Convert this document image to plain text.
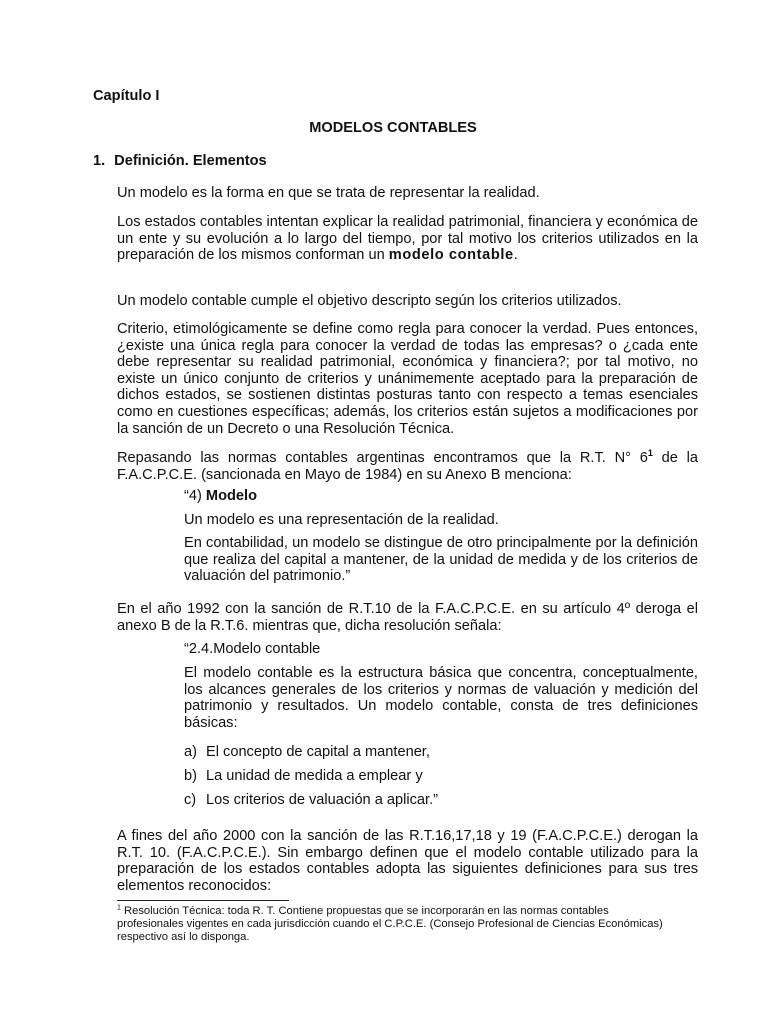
Capítulo I

MODELOS CONTABLES

1. Definición. Elementos

Un modelo es la forma en que se trata de representar la realidad.

Los estados contables intentan explicar la realidad patrimonial, financiera y económica de un ente y su evolución a lo largo del tiempo, por tal motivo los criterios utilizados en la preparación de los mismos conforman un modelo contable.

Un modelo contable cumple el objetivo descripto según los criterios utilizados.

Criterio, etimológicamente se define como regla para conocer la verdad. Pues entonces, ¿existe una única regla para conocer la verdad de todas las empresas? o ¿cada ente debe representar su realidad patrimonial, económica y financiera?; por tal motivo, no existe un único conjunto de criterios y unánimemente aceptado para la preparación de dichos estados, se sostienen distintas posturas tanto con respecto a temas esenciales como en cuestiones específicas; además, los criterios están sujetos a modificaciones por la sanción de un Decreto o una Resolución Técnica.

Repasando las normas contables argentinas encontramos que la R.T. N° $6^1$ de la F.A.C.P.C.E. (sancionada en Mayo de 1984) en su Anexo B menciona:

“4) Modelo

Un modelo es una representación de la realidad.

En contabilidad, un modelo se distingue de otro principalmente por la definición que realiza del capital a mantener, de la unidad de medida y de los criterios de valuación del patrimonio.”

En el año 1992 con la sanción de R.T.10 de la F.A.C.P.C.E. en su artículo 4º deroga el anexo B de la R.T.6. mientras que, dicha resolución señala:

“2.4.Modelo contable

El modelo contable es la estructura básica que concentra, conceptualmente, los alcances generales de los criterios y normas de valuación y medición del patrimonio y resultados. Un modelo contable, consta de tres definiciones básicas:

a) El concepto de capital a mantener,

b) La unidad de medida a emplear y

c) Los criterios de valuación a aplicar.”

A fines del año 2000 con la sanción de las R.T.16,17,18 y 19 (F.A.C.P.C.E.) derogan la R.T. 10. (F.A.C.P.C.E.). Sin embargo definen que el modelo contable utilizado para la preparación de los estados contables adopta las siguientes definiciones para sus tres elementos reconocidos:

$^1$ Resolución Técnica: toda R. T. Contiene propuestas que se incorporarán en las normas contables profesionales vigentes en cada jurisdicción cuando el C.P.C.E. (Consejo Profesional de Ciencias Económicas) respectivo así lo disponga.
